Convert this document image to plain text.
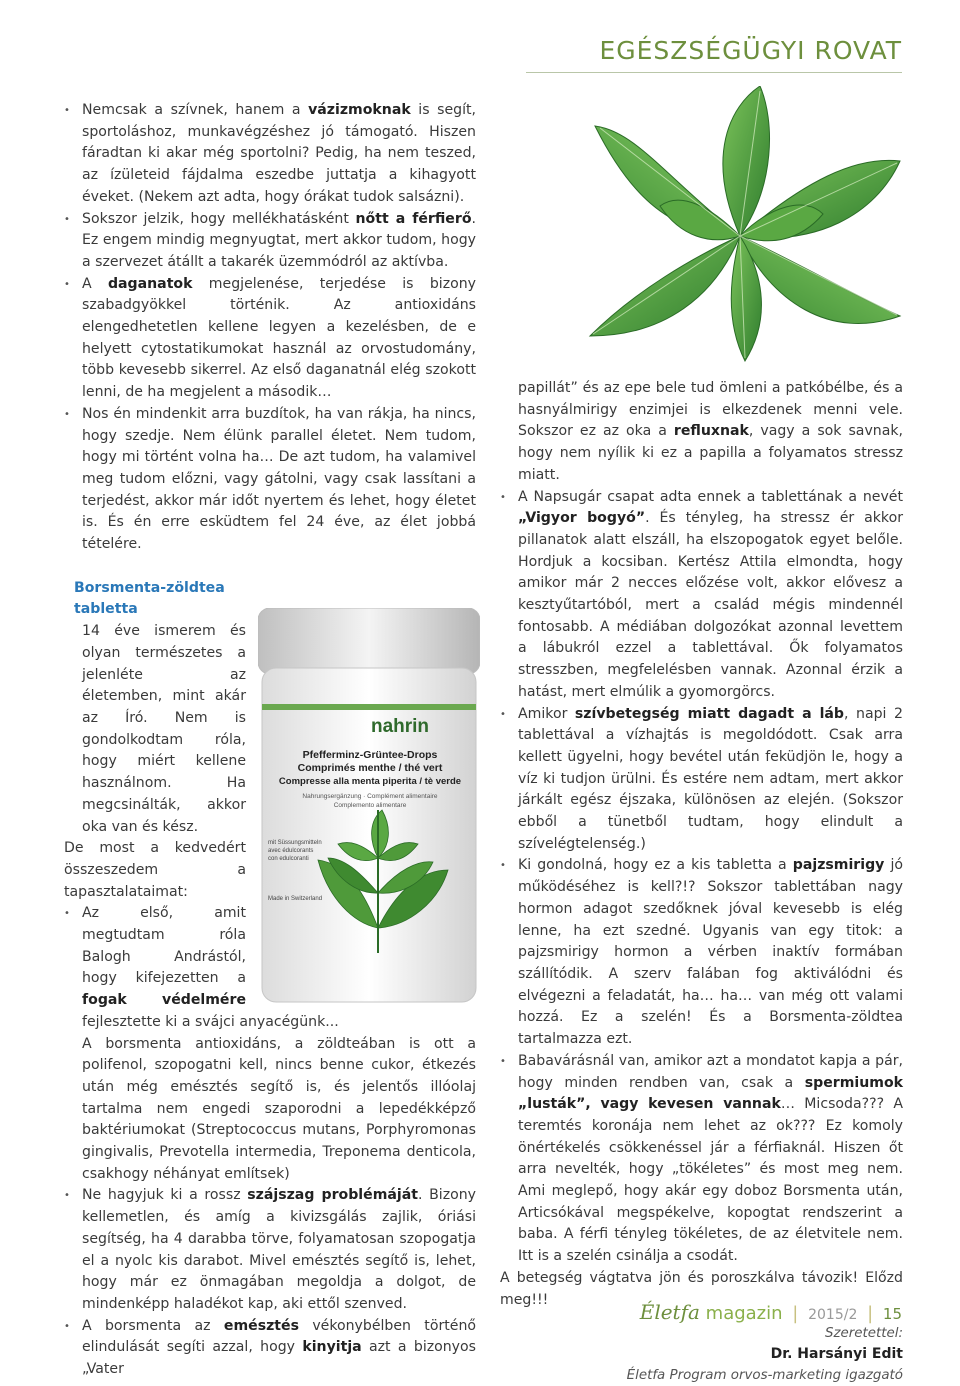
EGÉSZSÉGÜGYI ROVAT
• Nemcsak a szívnek, hanem a vázizmoknak is segít, sportoláshoz, munkavégzéshez jó támogató. Hiszen fáradtan ki akar még sportolni? Pedig, ha nem teszed, az ízületeid fájdalma eszedbe juttatja a kihagyott éveket. (Nekem azt adta, hogy órákat tudok salsázni).
• Sokszor jelzik, hogy mellékhatásként nőtt a férfierő. Ez engem mindig megnyugtat, mert akkor tudom, hogy a szervezet átállt a takarék üzemmódról az aktívba.
• A daganatok megjelenése, terjedése is bizony szabadgyökkel történik. Az antioxidáns elengedhetetlen kellene legyen a kezelésben, de e helyett cytostatikumokat használ az orvostudomány, több kevesebb sikerrel. Az első daganatnál elég szokott lenni, de ha megjelent a második…
• Nos én mindenkit arra buzdítok, ha van rákja, ha nincs, hogy szedje. Nem élünk parallel életet. Nem tudom, hogy mi történt volna ha… De azt tudom, ha valamivel meg tudom előzni, vagy gátolni, vagy csak lassítani a terjedést, akkor már időt nyertem és lehet, hogy életet is. És én erre esküdtem fel 24 éve, az élet jobbá tételére.
nahrin
Pfefferminz-Grüntee-Drops
Comprimés menthe / thé vert
Compresse alla menta piperita / tè verde
Nahrungsergänzung · Complément alimentaire
Complemento alimentare
mit Süssungsmitteln
avec édulcorants
con edulcoranti
Made in Switzerland
Borsmenta-zöldtea tabletta
14 éve ismerem és olyan természetes a jelenléte az életemben, mint akár az Író. Nem is gondolkodtam róla, hogy miért kellene használnom. Ha megcsinálták, akkor oka van és kész.
De most a kedvedért összeszedem a tapasztalataimat:
• Az első, amit megtudtam róla Balogh Andrástól, hogy kifejezetten a fogak védelmére fejlesztette ki a svájci anyacégünk...
A borsmenta antioxidáns, a zöldteában is ott a polifenol, szopogatni kell, nincs benne cukor, étkezés után még emésztés segítő is, és jelentős illóolaj tartalma nem engedi szaporodni a lepedékképző baktériumokat (Streptococcus mutans, Porphyromonas gingivalis, Prevotella intermedia, Treponema denticola, csakhogy néhányat említsek)
• Ne hagyjuk ki a rossz szájszag problémáját. Bizony kellemetlen, és amíg a kivizsgálás zajlik, óriási segítség, ha 4 darabba törve, folyamatosan szopogatja el a nyolc kis darabot. Mivel emésztés segítő is, lehet, hogy már ez önmagában megoldja a dolgot, de mindenképp haladékot kap, aki ettől szenved.
• A borsmenta az emésztés vékonybélben történő elindulását segíti azzal, hogy kinyitja azt a bizonyos „Vater
papillát” és az epe bele tud ömleni a patkóbélbe, és a hasnyálmirigy enzimjei is elkezdenek menni vele. Sokszor ez az oka a refluxnak, vagy a sok savnak, hogy nem nyílik ki ez a papilla a folyamatos stressz miatt.
• A Napsugár csapat adta ennek a tablettának a nevét „Vigyor bogyó”. És tényleg, ha stressz ér akkor pillanatok alatt elszáll, ha elszopogatok egyet belőle. Hordjuk a kocsiban. Kertész Attila elmondta, hogy amikor már 2 necces előzése volt, akkor elővesz a kesztyűtartóból, mert a család mégis mindennél fontosabb. A médiában dolgozókat azonnal levettem a lábukról ezzel a tablettával. Ők folyamatos stresszben, megfelelésben vannak. Azonnal érzik a hatást, mert elmúlik a gyomorgörcs.
• Amikor szívbetegség miatt dagadt a láb, napi 2 tablettával a vízhajtás is megoldódott. Csak arra kellett ügyelni, hogy bevétel után feküdjön le, hogy a víz ki tudjon ürülni. És estére nem adtam, mert akkor járkált egész éjszaka, különösen az elején. (Sokszor ebből a tünetből tudtam, hogy elindult a szívelégtelenség.)
• Ki gondolná, hogy ez a kis tabletta a pajzsmirigy jó működéséhez is kell?!? Sokszor tablettában nagy hormon adagot szedőknek jóval kevesebb is elég lenne, ha ezt szedné. Ugyanis van egy titok: a pajzsmirigy hormon a vérben inaktív formában szállítódik. A szerv falában fog aktiválódni és elvégezni a feladatát, ha… ha… van még ott valami hozzá. Ez a szelén! És a Borsmenta-zöldtea tartalmazza ezt.
• Babavárásnál van, amikor azt a mondatot kapja a pár, hogy minden rendben van, csak a spermiumok „lusták”, vagy kevesen vannak… Micsoda??? A teremtés koronája nem lehet az ok??? Ez komoly önértékelés csökkenéssel jár a férfiaknál. Hiszen őt arra nevelték, hogy „tökéletes” és most meg nem. Ami meglepő, hogy akár egy doboz Borsmenta után, Articsókával megspékelve, kopogtat rendszerint a baba. A férfi tényleg tökéletes, de az életvitele nem. Itt is a szelén csinálja a csodát.
A betegség vágtatva jön és poroszkálva távozik! Előzd meg!!!
Szeretettel:
Dr. Harsányi Edit
Életfa Program orvos-marketing igazgató
Életfa magazin | 2015/2 | 15
